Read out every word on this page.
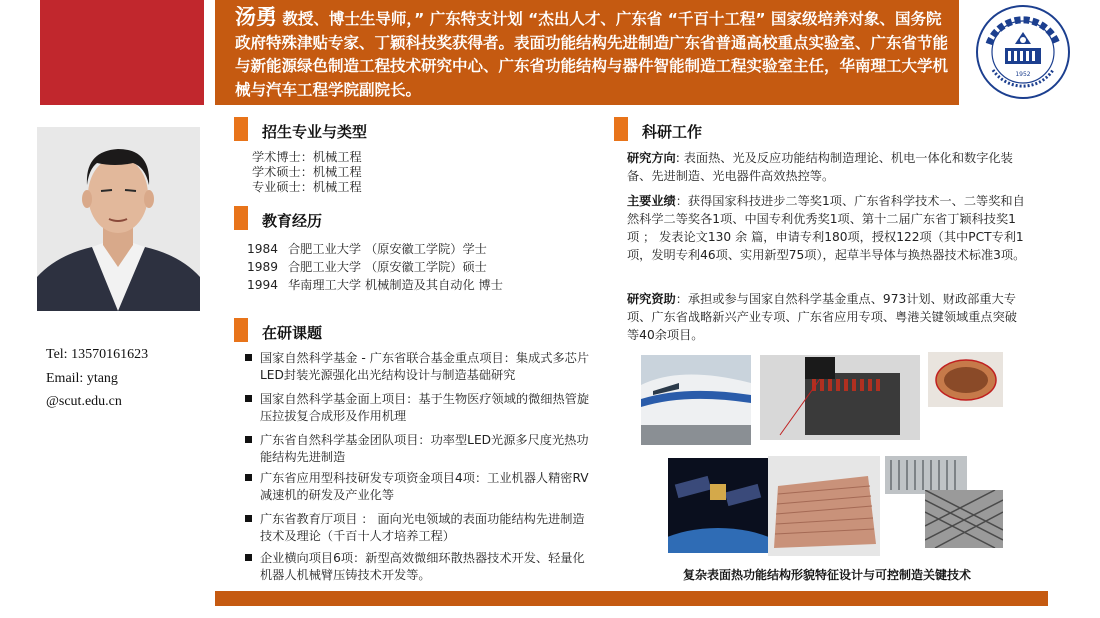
汤勇 教授、博士生导师，” 广东特支计划 “杰出人才、广东省 “千百十工程” 国家级培养对象、国务院政府特殊津贴专家、丁颖科技奖获得者。表面功能结构先进制造广东省普通高校重点实验室、广东省节能与新能源绿色制造工程技术研究中心、广东省功能结构与器件智能制造工程实验室主任，华南理工大学机械与汽车工程学院副院长。
1952
Tel: 13570161623
Email: ytang
@scut.edu.cn
招生专业与类型
学术博士：机械工程
学术硕士：机械工程
专业硕士：机械工程
教育经历
1984 合肥工业大学 （原安徽工学院）学士
1989 合肥工业大学 （原安徽工学院）硕士
1994 华南理工大学 机械制造及其自动化 博士
在研课题
国家自然科学基金 - 广东省联合基金重点项目：集成式多芯片LED封装光源强化出光结构设计与制造基础研究
国家自然科学基金面上项目：基于生物医疗领域的微细热管旋压拉拔复合成形及作用机理
广东省自然科学基金团队项目：功率型LED光源多尺度光热功能结构先进制造
广东省应用型科技研发专项资金项目4项：工业机器人精密RV减速机的研发及产业化等
广东省教育厅项目 ： 面向光电领域的表面功能结构先进制造技术及理论（千百十人才培养工程）
企业横向项目6项：新型高效微细环散热器技术开发、轻量化机器人机械臂压铸技术开发等。
科研工作
研究方向: 表面热、光及反应功能结构制造理论、机电一体化和数字化装备、先进制造、光电器件高效热控等。
主要业绩：获得国家科技进步二等奖1项、广东省科学技术一、二等奖和自然科学二等奖各1项、中国专利优秀奖1项、第十二届广东省丁颖科技奖1项 ； 发表论文130 余 篇，申请专利180项，授权122项（其中PCT专利1项，发明专利46项、实用新型75项），起草半导体与换热器技术标准3项。
研究资助：承担或参与国家自然科学基金重点、973计划、财政部重大专项、广东省战略新兴产业专项、广东省应用专项、粤港关键领域重点突破等40余项目。
复杂表面热功能结构形貌特征设计与可控制造关键技术
